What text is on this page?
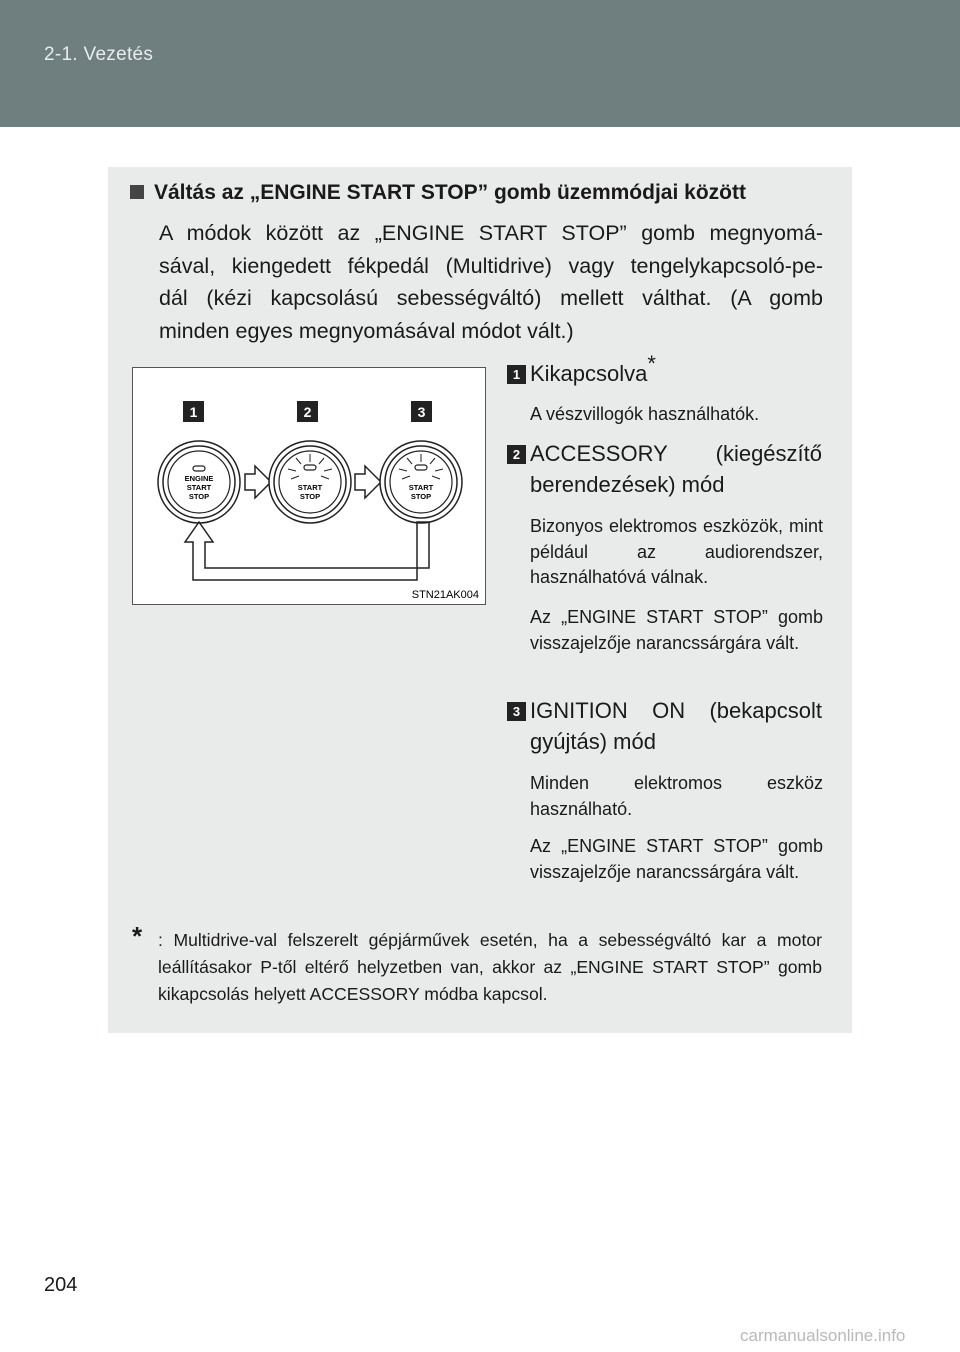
2-1. Vezetés
Váltás az „ENGINE START STOP” gomb üzemmódjai között
A módok között az „ENGINE START STOP” gomb megnyomá-
sával, kiengedett fékpedál (Multidrive) vagy tengelykapcsoló-pe-
dál (kézi kapcsolású sebességváltó) mellett válthat. (A gomb
minden egyes megnyomásával módot vált.)
1	2	3
ENGINE
START
STOP
START
STOP
START
STOP
STN21AK004
1 Kikapcsolva*
A vészvillogók használhatók.
2 ACCESSORY (kiegészítő berendezések) mód
Bizonyos elektromos eszközök, mint például az audiorendszer, használhatóvá válnak.
Az „ENGINE START STOP” gomb visszajelzője narancssárgára vált.
3 IGNITION ON (bekapcsolt gyújtás) mód
Minden elektromos eszköz használható.
Az „ENGINE START STOP” gomb visszajelzője narancssárgára vált.
* : Multidrive-val felszerelt gépjárművek esetén, ha a sebességváltó kar a motor leállításakor P-től eltérő helyzetben van, akkor az „ENGINE START STOP” gomb kikapcsolás helyett ACCESSORY módba kapcsol.
204
carmanualsonline.info
